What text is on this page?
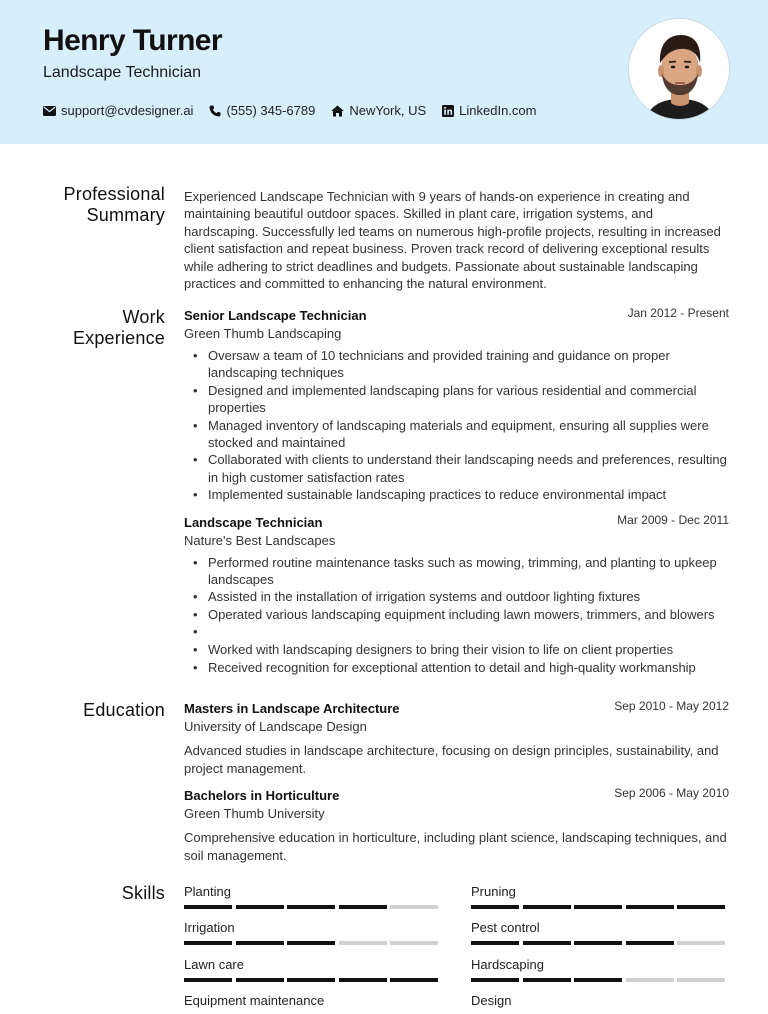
Henry Turner
Landscape Technician
support@cvdesigner.ai	(555) 345-6789	NewYork, US	LinkedIn.com
Professional
Summary
Experienced Landscape Technician with 9 years of hands-on experience in creating and maintaining beautiful outdoor spaces. Skilled in plant care, irrigation systems, and hardscaping. Successfully led teams on numerous high-profile projects, resulting in increased client satisfaction and repeat business. Proven track record of delivering exceptional results while adhering to strict deadlines and budgets. Passionate about sustainable landscaping practices and committed to enhancing the natural environment.
Work
Experience
Senior Landscape Technician	Jan 2012 - Present
Green Thumb Landscaping
• Oversaw a team of 10 technicians and provided training and guidance on proper landscaping techniques
• Designed and implemented landscaping plans for various residential and commercial properties
• Managed inventory of landscaping materials and equipment, ensuring all supplies were stocked and maintained
• Collaborated with clients to understand their landscaping needs and preferences, resulting in high customer satisfaction rates
• Implemented sustainable landscaping practices to reduce environmental impact
Landscape Technician	Mar 2009 - Dec 2011
Nature's Best Landscapes
• Performed routine maintenance tasks such as mowing, trimming, and planting to upkeep landscapes
• Assisted in the installation of irrigation systems and outdoor lighting fixtures
• Operated various landscaping equipment including lawn mowers, trimmers, and blowers
•
• Worked with landscaping designers to bring their vision to life on client properties
• Received recognition for exceptional attention to detail and high-quality workmanship
Education Masters in Landscape Architecture	Sep 2010 - May 2012
University of Landscape Design
Advanced studies in landscape architecture, focusing on design principles, sustainability, and project management.
Bachelors in Horticulture	Sep 2006 - May 2010
Green Thumb University
Comprehensive education in horticulture, including plant science, landscaping techniques, and soil management.
Skills Planting	Pruning
Irrigation	Pest control
Lawn care	Hardscaping
Equipment maintenance	Design
